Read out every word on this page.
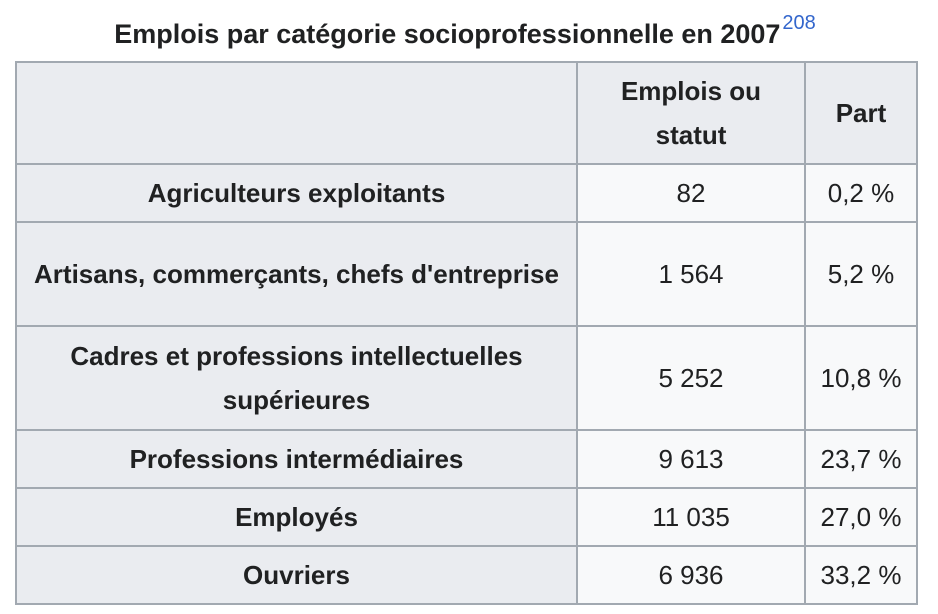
Emplois par catégorie socioprofessionnelle en 2007 $^{208}$
	Emplois ou statut	Part
Agriculteurs exploitants	82	0,2 %
Artisans, commerçants, chefs d'entreprise	1 564	5,2 %
Cadres et professions intellectuelles supérieures	5 252	10,8 %
Professions intermédiaires	9 613	23,7 %
Employés	11 035	27,0 %
Ouvriers	6 936	33,2 %
